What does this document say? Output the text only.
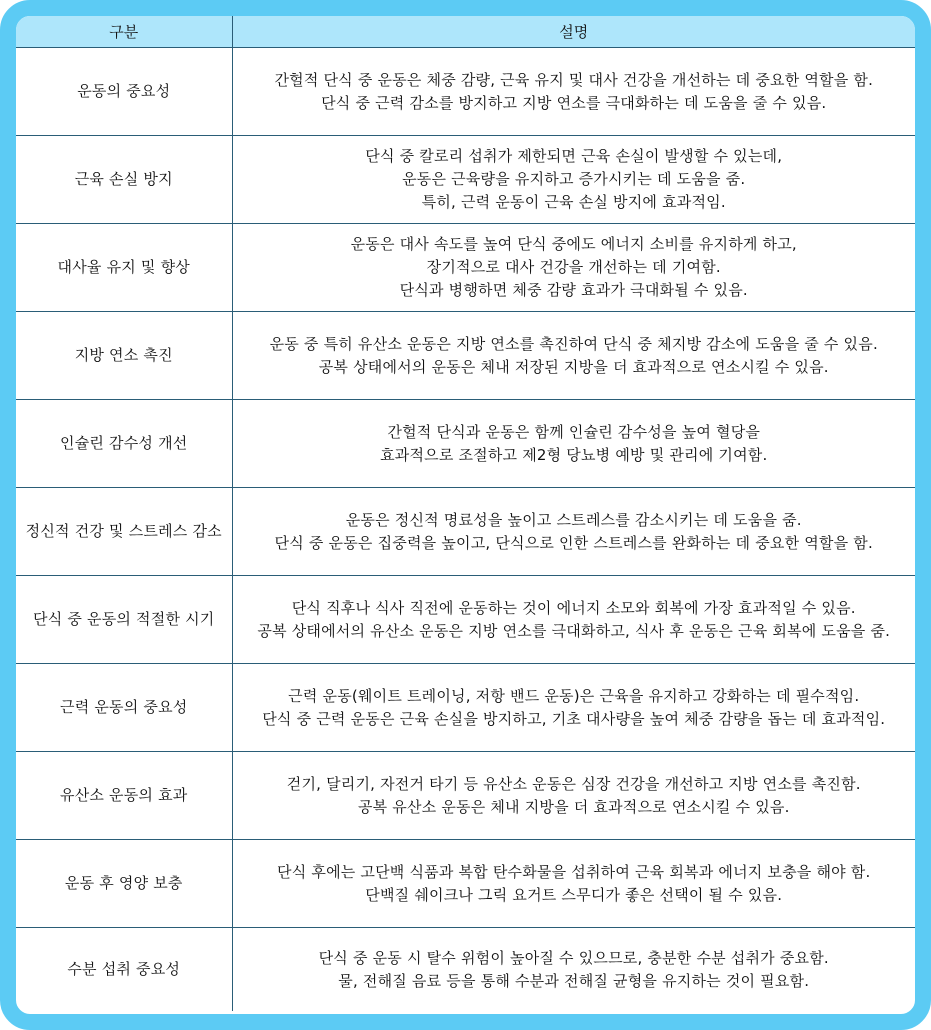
구분	설명
운동의 중요성	간헐적 단식 중 운동은 체중 감량, 근육 유지 및 대사 건강을 개선하는 데 중요한 역할을 함.
단식 중 근력 감소를 방지하고 지방 연소를 극대화하는 데 도움을 줄 수 있음.

근육 손실 방지	단식 중 칼로리 섭취가 제한되면 근육 손실이 발생할 수 있는데,
운동은 근육량을 유지하고 증가시키는 데 도움을 줌.
특히, 근력 운동이 근육 손실 방지에 효과적임.

대사율 유지 및 향상	운동은 대사 속도를 높여 단식 중에도 에너지 소비를 유지하게 하고,
장기적으로 대사 건강을 개선하는 데 기여함.
단식과 병행하면 체중 감량 효과가 극대화될 수 있음.

지방 연소 촉진	운동 중 특히 유산소 운동은 지방 연소를 촉진하여 단식 중 체지방 감소에 도움을 줄 수 있음.
공복 상태에서의 운동은 체내 저장된 지방을 더 효과적으로 연소시킬 수 있음.

인슐린 감수성 개선	간헐적 단식과 운동은 함께 인슐린 감수성을 높여 혈당을
효과적으로 조절하고 제2형 당뇨병 예방 및 관리에 기여함.

정신적 건강 및 스트레스 감소	운동은 정신적 명료성을 높이고 스트레스를 감소시키는 데 도움을 줌.
단식 중 운동은 집중력을 높이고, 단식으로 인한 스트레스를 완화하는 데 중요한 역할을 함.

단식 중 운동의 적절한 시기	단식 직후나 식사 직전에 운동하는 것이 에너지 소모와 회복에 가장 효과적일 수 있음.
공복 상태에서의 유산소 운동은 지방 연소를 극대화하고, 식사 후 운동은 근육 회복에 도움을 줌.

근력 운동의 중요성	근력 운동(웨이트 트레이닝, 저항 밴드 운동)은 근육을 유지하고 강화하는 데 필수적임.
단식 중 근력 운동은 근육 손실을 방지하고, 기초 대사량을 높여 체중 감량을 돕는 데 효과적임.

유산소 운동의 효과	걷기, 달리기, 자전거 타기 등 유산소 운동은 심장 건강을 개선하고 지방 연소를 촉진함.
공복 유산소 운동은 체내 지방을 더 효과적으로 연소시킬 수 있음.

운동 후 영양 보충	단식 후에는 고단백 식품과 복합 탄수화물을 섭취하여 근육 회복과 에너지 보충을 해야 함.
단백질 쉐이크나 그릭 요거트 스무디가 좋은 선택이 될 수 있음.

수분 섭취 중요성	단식 중 운동 시 탈수 위험이 높아질 수 있으므로, 충분한 수분 섭취가 중요함.
물, 전해질 음료 등을 통해 수분과 전해질 균형을 유지하는 것이 필요함.
